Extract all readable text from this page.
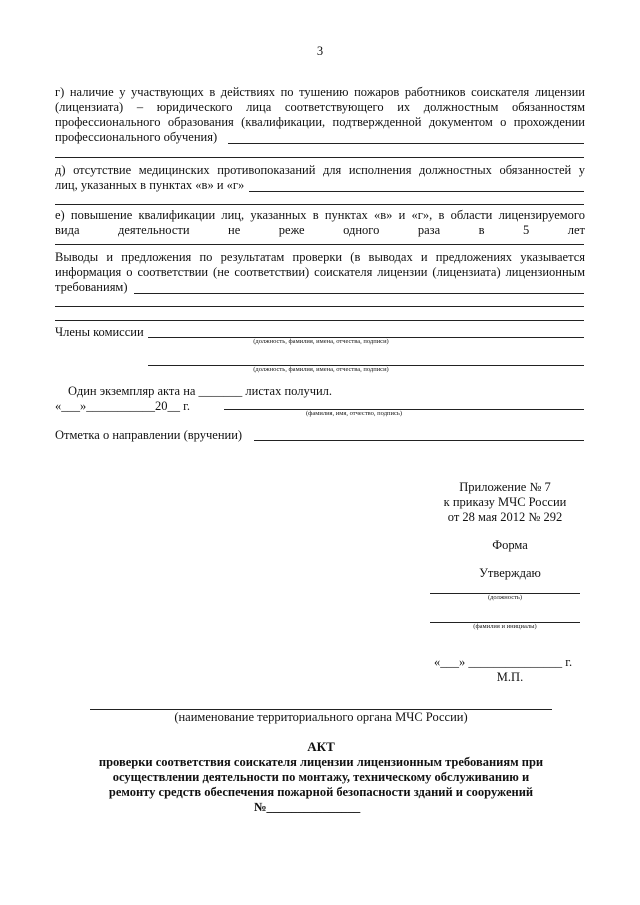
3
г) наличие у участвующих в действиях по тушению пожаров работников соискателя лицензии
(лицензиата) – юридического лица соответствующего их должностным обязанностям
профессионального образования (квалификации, подтвержденной документом о прохождении
профессионального обучения)
д) отсутствие медицинских противопоказаний для исполнения должностных обязанностей у
лиц, указанных в пунктах «в» и «г»
е) повышение квалификации лиц, указанных в пунктах «в» и «г», в области лицензируемого
вида деятельности не реже одного раза в 5 лет
Выводы и предложения по результатам проверки (в выводах и предложениях указывается
информация о соответствии (не соответствии) соискателя лицензии (лицензиата) лицензионным
требованиям)
Члены комиссии
(должность, фамилия, имена, отчества, подписи)
(должность, фамилия, имена, отчества, подписи)
Один экземпляр акта на _______ листах получил.
«___»___________20__ г.
(фамилия, имя, отчество, подпись)
Отметка о направлении (вручении)
Приложение № 7
к приказу МЧС России
от 28 мая 2012 № 292
Форма
Утверждаю
(должность)
(фамилия и инициалы)
«___» _______________ г.
М.П.
(наименование территориального органа МЧС России)
АКТ
проверки соответствия соискателя лицензии лицензионным требованиям при
осуществлении деятельности по монтажу, техническому обслуживанию и
ремонту средств обеспечения пожарной безопасности зданий и сооружений
№_______________
